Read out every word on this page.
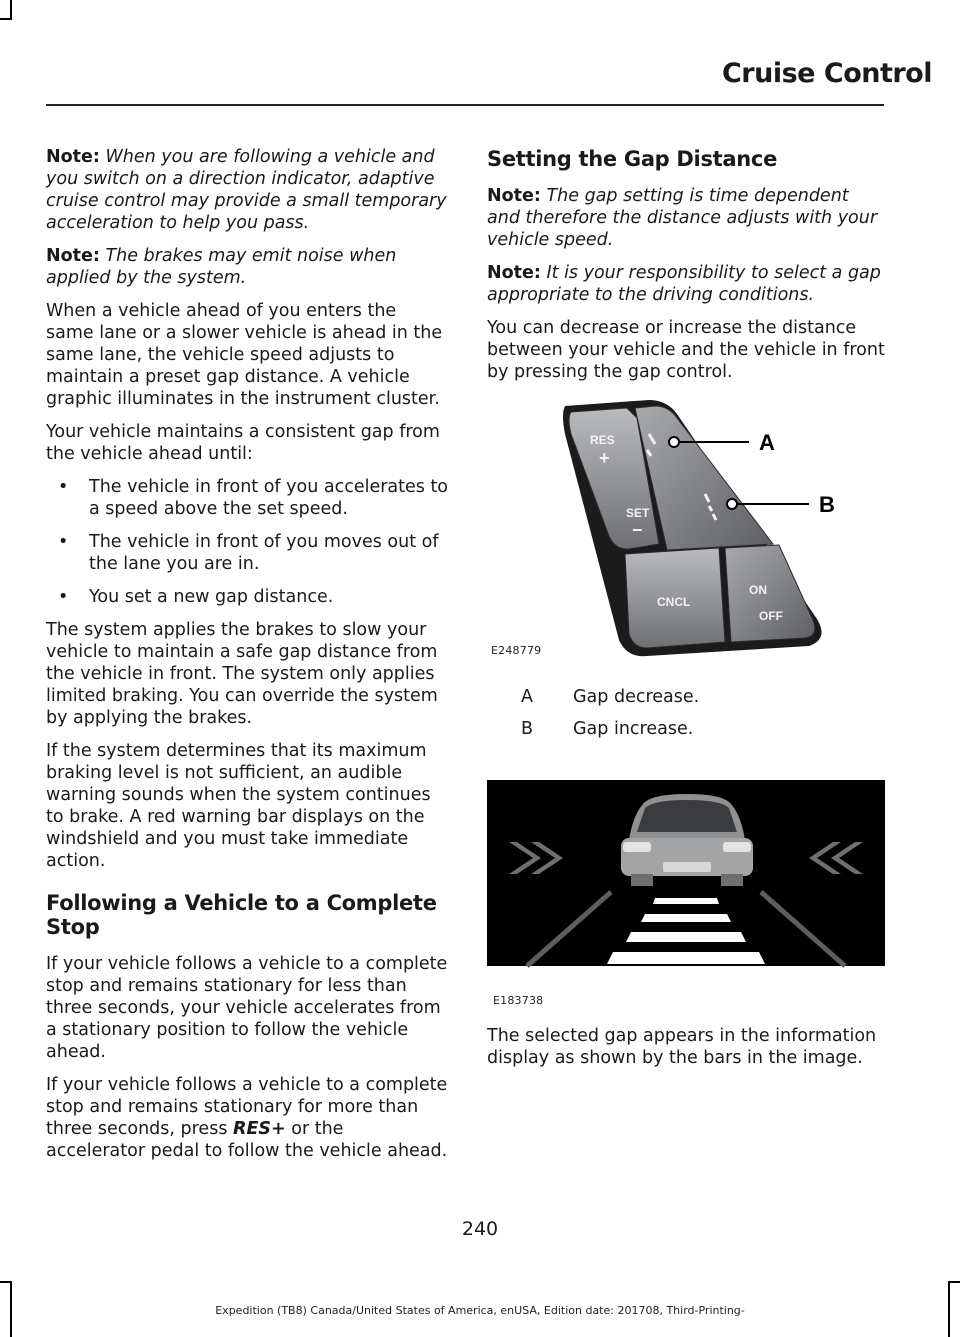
Cruise Control

Note: When you are following a vehicle and you switch on a direction indicator, adaptive cruise control may provide a small temporary acceleration to help you pass.

Note: The brakes may emit noise when applied by the system.

When a vehicle ahead of you enters the same lane or a slower vehicle is ahead in the same lane, the vehicle speed adjusts to maintain a preset gap distance. A vehicle graphic illuminates in the instrument cluster.

Your vehicle maintains a consistent gap from the vehicle ahead until:

• The vehicle in front of you accelerates to a speed above the set speed.
• The vehicle in front of you moves out of the lane you are in.
• You set a new gap distance.

The system applies the brakes to slow your vehicle to maintain a safe gap distance from the vehicle in front. The system only applies limited braking. You can override the system by applying the brakes.

If the system determines that its maximum braking level is not sufficient, an audible warning sounds when the system continues to brake. A red warning bar displays on the windshield and you must take immediate action.

Following a Vehicle to a Complete Stop

If your vehicle follows a vehicle to a complete stop and remains stationary for less than three seconds, your vehicle accelerates from a stationary position to follow the vehicle ahead.

If your vehicle follows a vehicle to a complete stop and remains stationary for more than three seconds, press RES+ or the accelerator pedal to follow the vehicle ahead.

Setting the Gap Distance

Note: The gap setting is time dependent and therefore the distance adjusts with your vehicle speed.

Note: It is your responsibility to select a gap appropriate to the driving conditions.

You can decrease or increase the distance between your vehicle and the vehicle in front by pressing the gap control.

RES
+
SET
−
CNCL
ON
OFF
A
B
E248779
A	Gap decrease.
B	Gap increase.
E183738

The selected gap appears in the information display as shown by the bars in the image.

240
Expedition (TB8) Canada/United States of America, enUSA, Edition date: 201708, Third-Printing-
